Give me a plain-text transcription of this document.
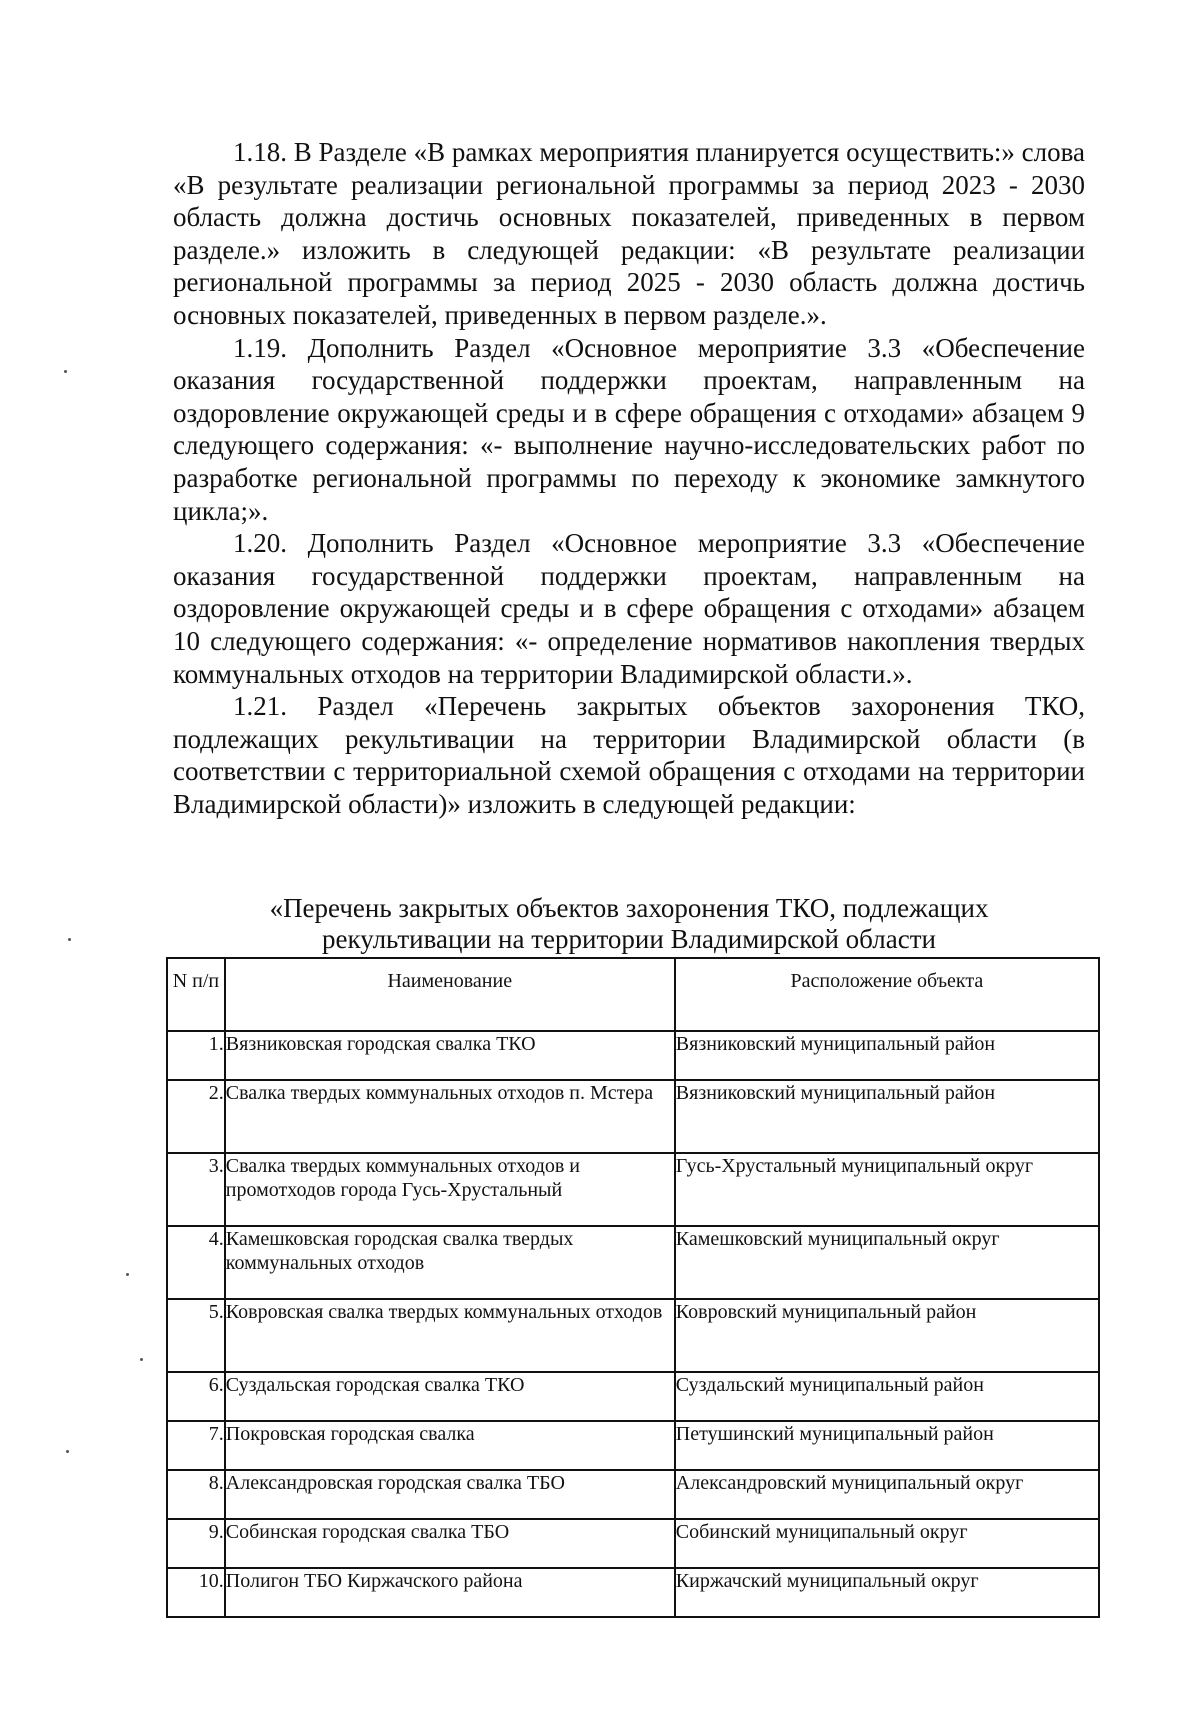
1.18. В Разделе «В рамках мероприятия планируется осуществить:» слова «В результате реализации региональной программы за период 2023 - 2030 область должна достичь основных показателей, приведенных в первом разделе.» изложить в следующей редакции: «В результате реализации региональной программы за период 2025 - 2030 область должна достичь основных показателей, приведенных в первом разделе.».

1.19. Дополнить Раздел «Основное мероприятие 3.3 «Обеспечение оказания государственной поддержки проектам, направленным на оздоровление окружающей среды и в сфере обращения с отходами» абзацем 9 следующего содержания: «- выполнение научно-исследовательских работ по разработке региональной программы по переходу к экономике замкнутого цикла;».

1.20. Дополнить Раздел «Основное мероприятие 3.3 «Обеспечение оказания государственной поддержки проектам, направленным на оздоровление окружающей среды и в сфере обращения с отходами» абзацем 10 следующего содержания: «- определение нормативов накопления твердых коммунальных отходов на территории Владимирской области.».

1.21. Раздел «Перечень закрытых объектов захоронения ТКО, подлежащих рекультивации на территории Владимирской области (в соответствии с территориальной схемой обращения с отходами на территории Владимирской области)» изложить в следующей редакции:

«Перечень закрытых объектов захоронения ТКО, подлежащих
рекультивации на территории Владимирской области
N п/п	Наименование	Расположение объекта
1.	Вязниковская городская свалка ТКО	Вязниковский муниципальный район
2.	Свалка твердых коммунальных отходов п. Мстера	Вязниковский муниципальный район
3.	Свалка твердых коммунальных отходов и промотходов города Гусь-Хрустальный	Гусь-Хрустальный муниципальный округ
4.	Камешковская городская свалка твердых коммунальных отходов	Камешковский муниципальный округ
5.	Ковровская свалка твердых коммунальных отходов	Ковровский муниципальный район
6.	Суздальская городская свалка ТКО	Суздальский муниципальный район
7.	Покровская городская свалка	Петушинский муниципальный район
8.	Александровская городская свалка ТБО	Александровский муниципальный округ
9.	Собинская городская свалка ТБО	Собинский муниципальный округ
10.	Полигон ТБО Киржачского района	Киржачский муниципальный округ
